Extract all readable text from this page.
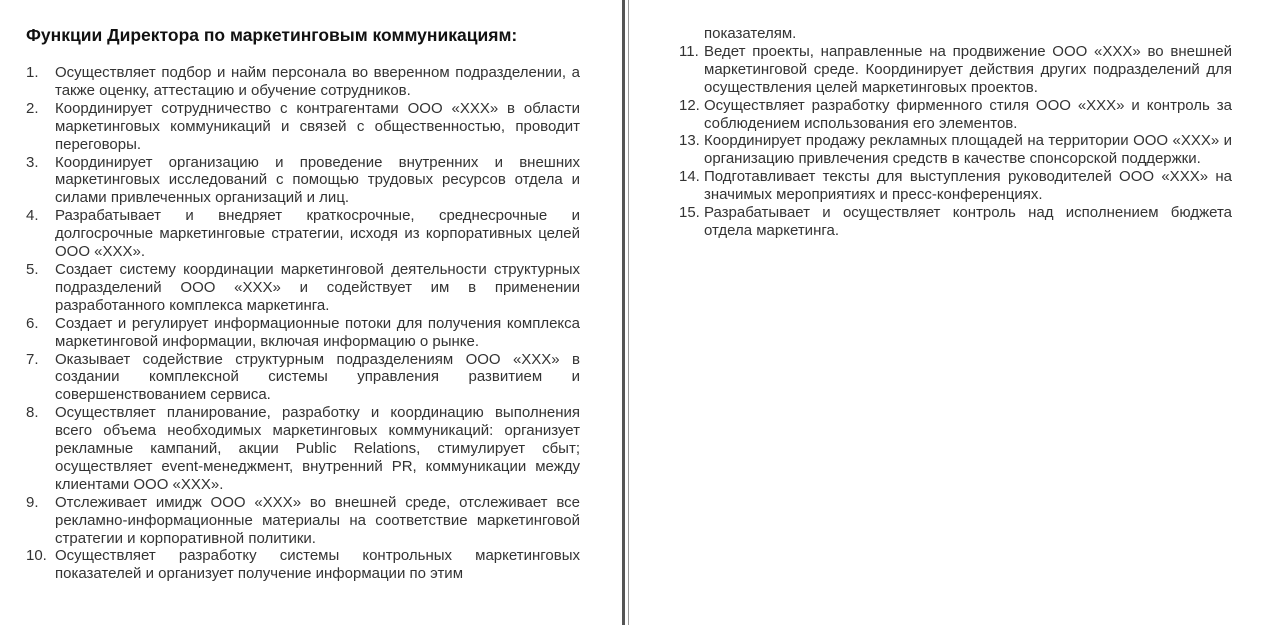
Функции Директора по маркетинговым коммуникациям:
1. Осуществляет подбор и найм персонала во вверенном подразделении, а также оценку, аттестацию и обучение сотрудников.
2. Координирует сотрудничество с контрагентами ООО «ХХХ» в области маркетинговых коммуникаций и связей с общественностью, проводит переговоры.
3. Координирует организацию и проведение внутренних и внешних маркетинговых исследований с помощью трудовых ресурсов отдела и силами привлеченных организаций и лиц.
4. Разрабатывает и внедряет краткосрочные, среднесрочные и долгосрочные маркетинговые стратегии, исходя из корпоративных целей ООО «ХХХ».
5. Создает систему координации маркетинговой деятельности структурных подразделений ООО «ХХХ» и содействует им в применении разработанного комплекса маркетинга.
6. Создает и регулирует информационные потоки для получения комплекса маркетинговой информации, включая информацию о рынке.
7. Оказывает содействие структурным подразделениям ООО «ХХХ» в создании комплексной системы управления развитием и совершенствованием сервиса.
8. Осуществляет планирование, разработку и координацию выполнения всего объема необходимых маркетинговых коммуникаций: организует рекламные кампаний, акции Public Relations, стимулирует сбыт; осуществляет event-менеджмент, внутренний PR, коммуникации между клиентами ООО «ХХХ».
9. Отслеживает имидж ООО «ХХХ» во внешней среде, отслеживает все рекламно-информационные материалы на соответствие маркетинговой стратегии и корпоративной политики.
10. Осуществляет разработку системы контрольных маркетинговых показателей и организует получение информации по этим
показателям.
11. Ведет проекты, направленные на продвижение ООО «ХХХ» во внешней маркетинговой среде. Координирует действия других подразделений для осуществления целей маркетинговых проектов.
12. Осуществляет разработку фирменного стиля ООО «ХХХ» и контроль за соблюдением использования его элементов.
13. Координирует продажу рекламных площадей на территории ООО «ХХХ» и организацию привлечения средств в качестве спонсорской поддержки.
14. Подготавливает тексты для выступления руководителей ООО «ХХХ» на значимых мероприятиях и пресс-конференциях.
15. Разрабатывает и осуществляет контроль над исполнением бюджета отдела маркетинга.
